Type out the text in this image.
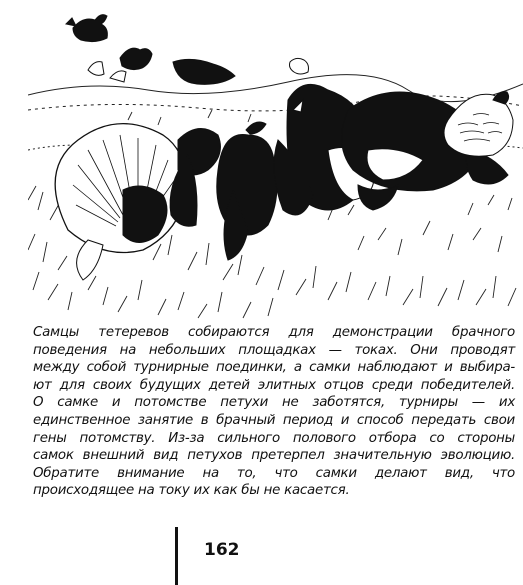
Самцы тетеревов собираются для демонстрации брачного
поведения на небольших площадках — токах. Они проводят
между собой турнирные поединки, а самки наблюдают и выбира-
ют для своих будущих детей элитных отцов среди победителей.
О самке и потомстве петухи не заботятся, турниры — их
единственное занятие в брачный период и способ передать свои
гены потомству. Из-за сильного полового отбора со стороны
самок внешний вид петухов претерпел значительную эволюцию.
Обратите внимание на то, что самки делают вид, что
происходящее на току их как бы не касается.
162
